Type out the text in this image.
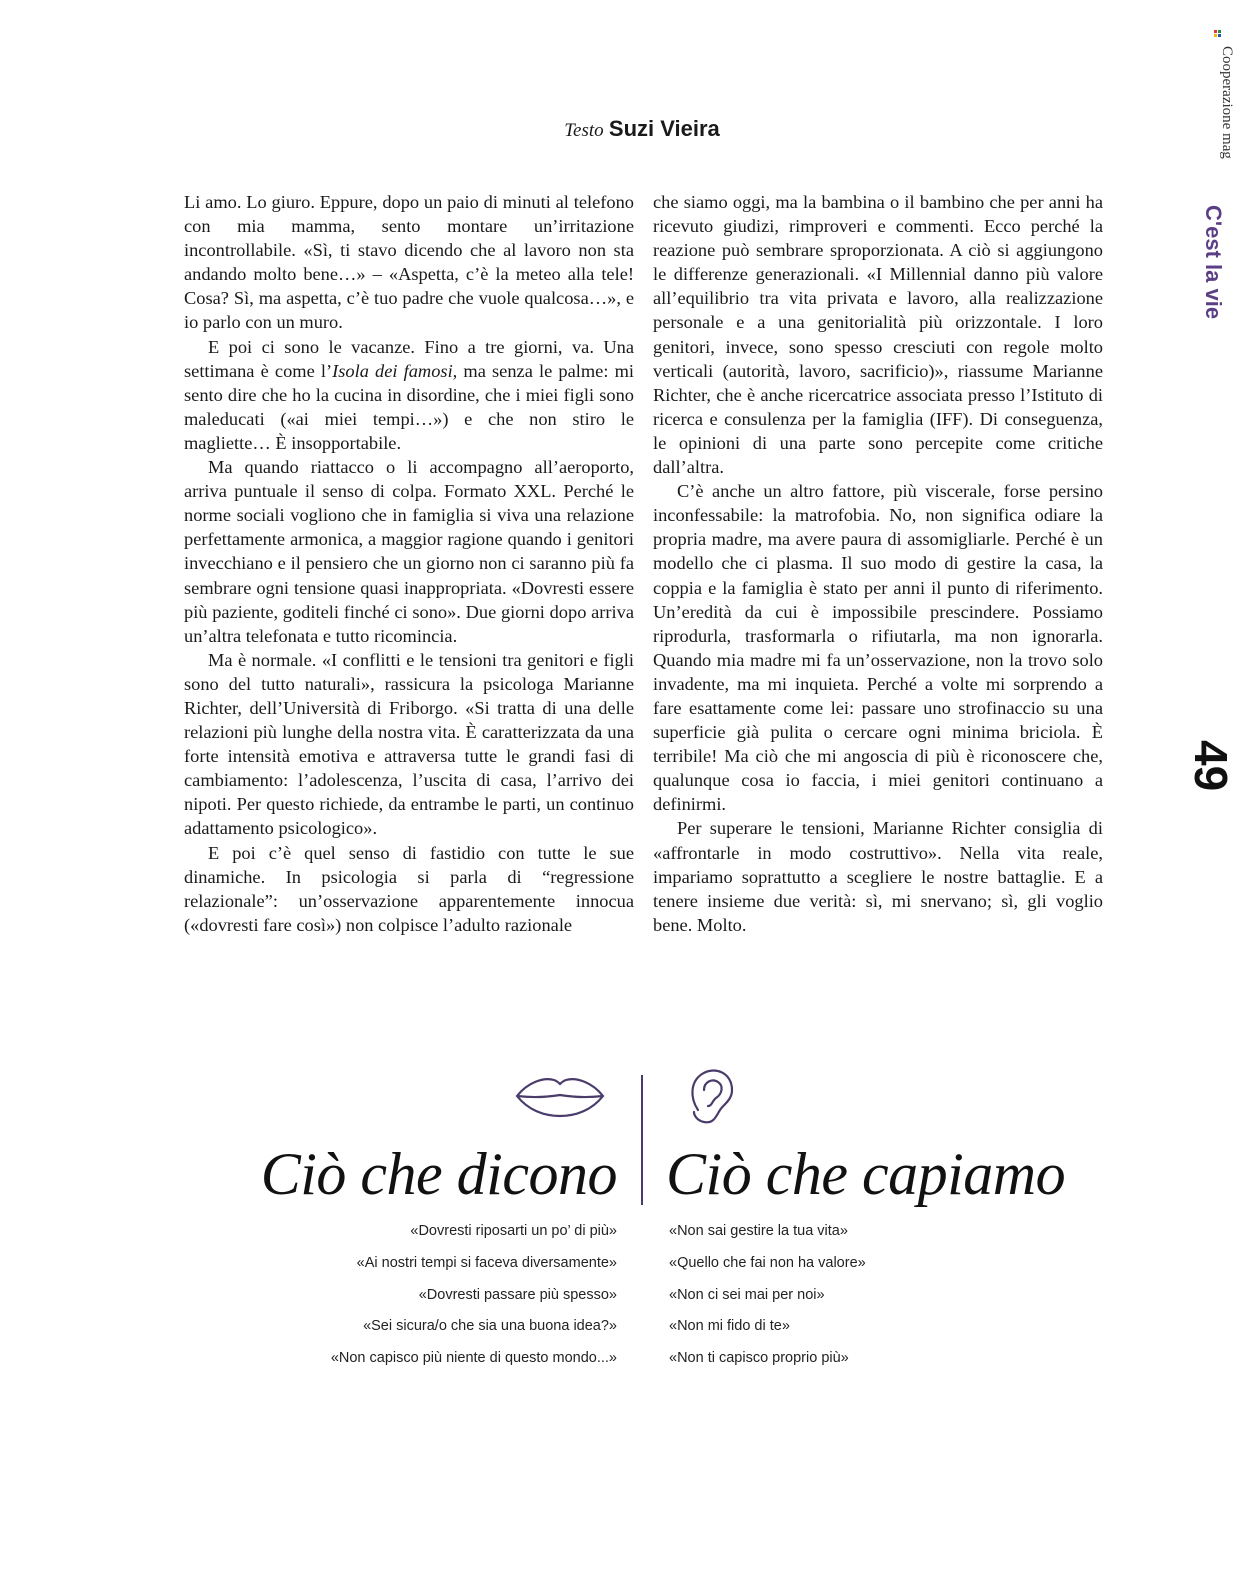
Testo Suzi Vieira	Cooperazione mag
C'est la vie
49

Li amo. Lo giuro. Eppure, dopo un paio di minuti al telefono con mia mamma, sento montare un’irritazione incontrollabile. «Sì, ti stavo dicendo che al lavoro non sta andando molto bene…» – «Aspetta, c’è la meteo alla tele! Cosa? Sì, ma aspetta, c’è tuo padre che vuole qualcosa…», e io parlo con un muro.

E poi ci sono le vacanze. Fino a tre giorni, va. Una settimana è come l’Isola dei famosi, ma senza le palme: mi sento dire che ho la cucina in disordine, che i miei figli sono maleducati («ai miei tempi…») e che non stiro le magliette… È insopportabile.

Ma quando riattacco o li accompagno all’aeroporto, arriva puntuale il senso di colpa. Formato XXL. Perché le norme sociali vogliono che in famiglia si viva una relazione perfettamente armonica, a maggior ragione quando i genitori invecchiano e il pensiero che un giorno non ci saranno più fa sembrare ogni tensione quasi inappropriata. «Dovresti essere più paziente, goditeli finché ci sono». Due giorni dopo arriva un’altra telefonata e tutto ricomincia.

Ma è normale. «I conflitti e le tensioni tra genitori e figli sono del tutto naturali», rassicura la psicologa Marianne Richter, dell’Università di Friborgo. «Si tratta di una delle relazioni più lunghe della nostra vita. È caratterizzata da una forte intensità emotiva e attraversa tutte le grandi fasi di cambiamento: l’adolescenza, l’uscita di casa, l’arrivo dei nipoti. Per questo richiede, da entrambe le parti, un continuo adattamento psicologico».

E poi c’è quel senso di fastidio con tutte le sue dinamiche. In psicologia si parla di “regressione relazionale”: un’osservazione apparentemente innocua («dovresti fare così») non colpisce l’adulto razionale

che siamo oggi, ma la bambina o il bambino che per anni ha ricevuto giudizi, rimproveri e commenti. Ecco perché la reazione può sembrare sproporzionata. A ciò si aggiungono le differenze generazionali. «I Millennial danno più valore all’equilibrio tra vita privata e lavoro, alla realizzazione personale e a una genitorialità più orizzontale. I loro genitori, invece, sono spesso cresciuti con regole molto verticali (autorità, lavoro, sacrificio)», riassume Marianne Richter, che è anche ricercatrice associata presso l’Istituto di ricerca e consulenza per la famiglia (IFF). Di conseguenza, le opinioni di una parte sono percepite come critiche dall’altra.

C’è anche un altro fattore, più viscerale, forse persino inconfessabile: la matrofobia. No, non significa odiare la propria madre, ma avere paura di assomigliarle. Perché è un modello che ci plasma. Il suo modo di gestire la casa, la coppia e la famiglia è stato per anni il punto di riferimento. Un’eredità da cui è impossibile prescindere. Possiamo riprodurla, trasformarla o rifiutarla, ma non ignorarla. Quando mia madre mi fa un’osservazione, non la trovo solo invadente, ma mi inquieta. Perché a volte mi sorprendo a fare esattamente come lei: passare uno strofinaccio su una superficie già pulita o cercare ogni minima briciola. È terribile! Ma ciò che mi angoscia di più è riconoscere che, qualunque cosa io faccia, i miei genitori continuano a definirmi.

Per superare le tensioni, Marianne Richter consiglia di «affrontarle in modo costruttivo». Nella vita reale, impariamo soprattutto a scegliere le nostre battaglie. E a tenere insieme due verità: sì, mi snervano; sì, gli voglio bene. Molto.

Ciò che dicono Ciò che capiamo
«Dovresti riposarti un po’ di più»
«Ai nostri tempi si faceva diversamente»
«Dovresti passare più spesso»
«Sei sicura/o che sia una buona idea?»
«Non capisco più niente di questo mondo...»
«Non sai gestire la tua vita»
«Quello che fai non ha valore»
«Non ci sei mai per noi»
«Non mi fido di te»
«Non ti capisco proprio più»
